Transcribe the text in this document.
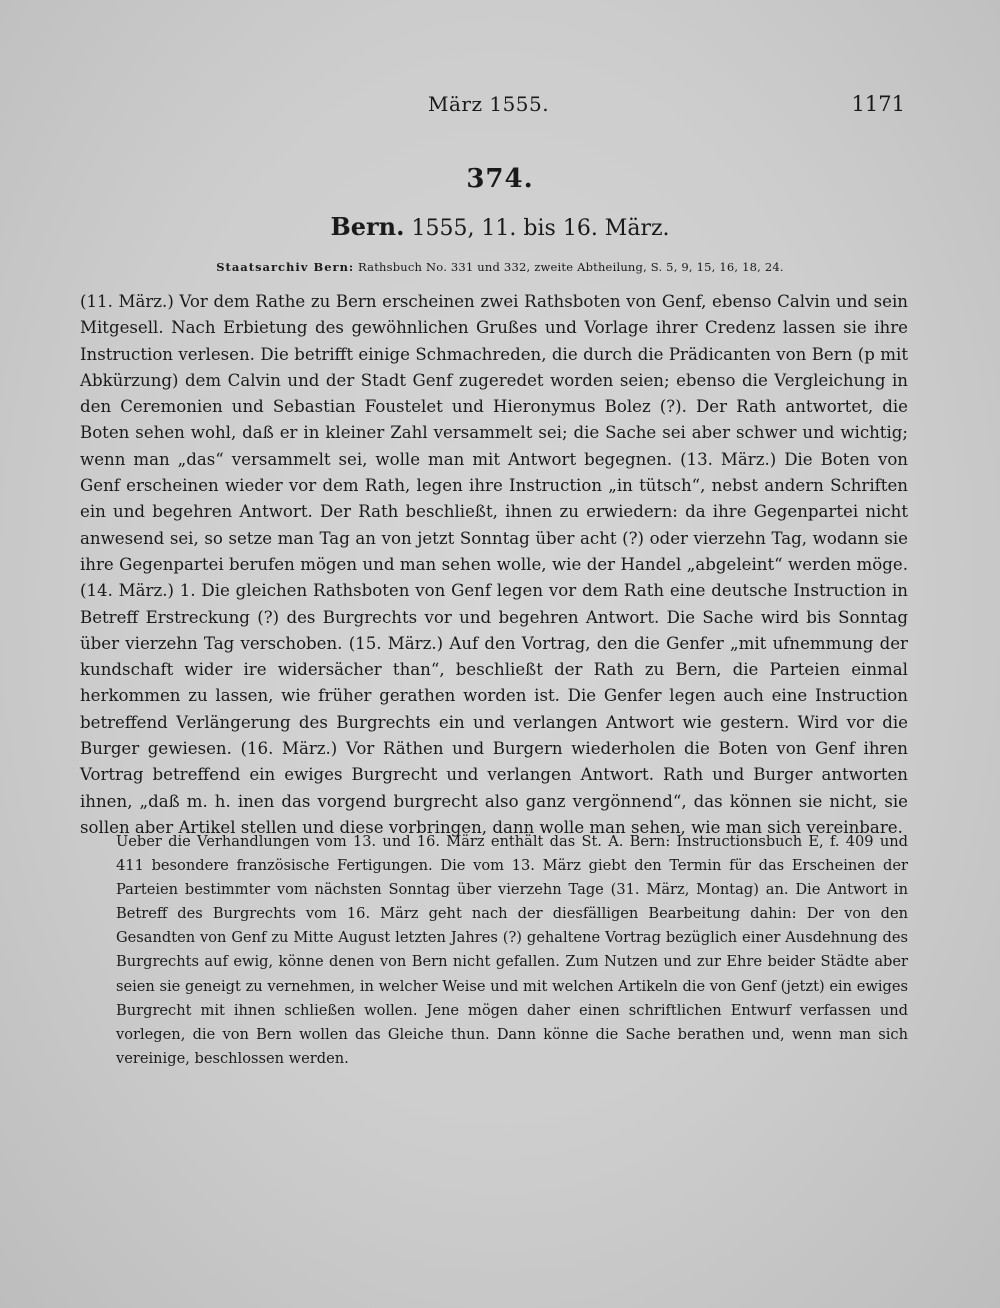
März 1555.	1171
374.
Bern. 1555, 11. bis 16. März.
Staatsarchiv Bern: Rathsbuch No. 331 und 332, zweite Abtheilung, S. 5, 9, 15, 16, 18, 24.

(11. März.) Vor dem Rathe zu Bern erscheinen zwei Rathsboten von Genf, ebenso Calvin und sein Mitgesell. Nach Erbietung des gewöhnlichen Grußes und Vorlage ihrer Credenz lassen sie ihre Instruction verlesen. Die betrifft einige Schmachreden, die durch die Prädicanten von Bern (p mit Abkürzung) dem Calvin und der Stadt Genf zugeredet worden seien; ebenso die Vergleichung in den Ceremonien und Sebastian Foustelet und Hieronymus Bolez (?). Der Rath antwortet, die Boten sehen wohl, daß er in kleiner Zahl versammelt sei; die Sache sei aber schwer und wichtig; wenn man „das“ versammelt sei, wolle man mit Antwort begegnen. (13. März.) Die Boten von Genf erscheinen wieder vor dem Rath, legen ihre Instruction „in tütsch“, nebst andern Schriften ein und begehren Antwort. Der Rath beschließt, ihnen zu erwiedern: da ihre Gegenpartei nicht anwesend sei, so setze man Tag an von jetzt Sonntag über acht (?) oder vierzehn Tag, wodann sie ihre Gegenpartei berufen mögen und man sehen wolle, wie der Handel „abgeleint“ werden möge. (14. März.) 1. Die gleichen Rathsboten von Genf legen vor dem Rath eine deutsche Instruction in Betreff Erstreckung (?) des Burgrechts vor und begehren Antwort. Die Sache wird bis Sonntag über vierzehn Tag verschoben. (15. März.) Auf den Vortrag, den die Genfer „mit ufnemmung der kundschaft wider ire widersächer than“, beschließt der Rath zu Bern, die Parteien einmal herkommen zu lassen, wie früher gerathen worden ist. Die Genfer legen auch eine Instruction betreffend Verlängerung des Burgrechts ein und verlangen Antwort wie gestern. Wird vor die Burger gewiesen. (16. März.) Vor Räthen und Burgern wiederholen die Boten von Genf ihren Vortrag betreffend ein ewiges Burgrecht und verlangen Antwort. Rath und Burger antworten ihnen, „daß m. h. inen das vorgend burgrecht also ganz vergönnend“, das können sie nicht, sie sollen aber Artikel stellen und diese vorbringen, dann wolle man sehen, wie man sich vereinbare.

Ueber die Verhandlungen vom 13. und 16. März enthält das St. A. Bern: Instructionsbuch E, f. 409 und 411 besondere französische Fertigungen. Die vom 13. März giebt den Termin für das Erscheinen der Parteien bestimmter vom nächsten Sonntag über vierzehn Tage (31. März, Montag) an. Die Antwort in Betreff des Burgrechts vom 16. März geht nach der diesfälligen Bearbeitung dahin: Der von den Gesandten von Genf zu Mitte August letzten Jahres (?) gehaltene Vortrag bezüglich einer Ausdehnung des Burgrechts auf ewig, könne denen von Bern nicht gefallen. Zum Nutzen und zur Ehre beider Städte aber seien sie geneigt zu vernehmen, in welcher Weise und mit welchen Artikeln die von Genf (jetzt) ein ewiges Burgrecht mit ihnen schließen wollen. Jene mögen daher einen schriftlichen Entwurf verfassen und vorlegen, die von Bern wollen das Gleiche thun. Dann könne die Sache berathen und, wenn man sich vereinige, beschlossen werden.
